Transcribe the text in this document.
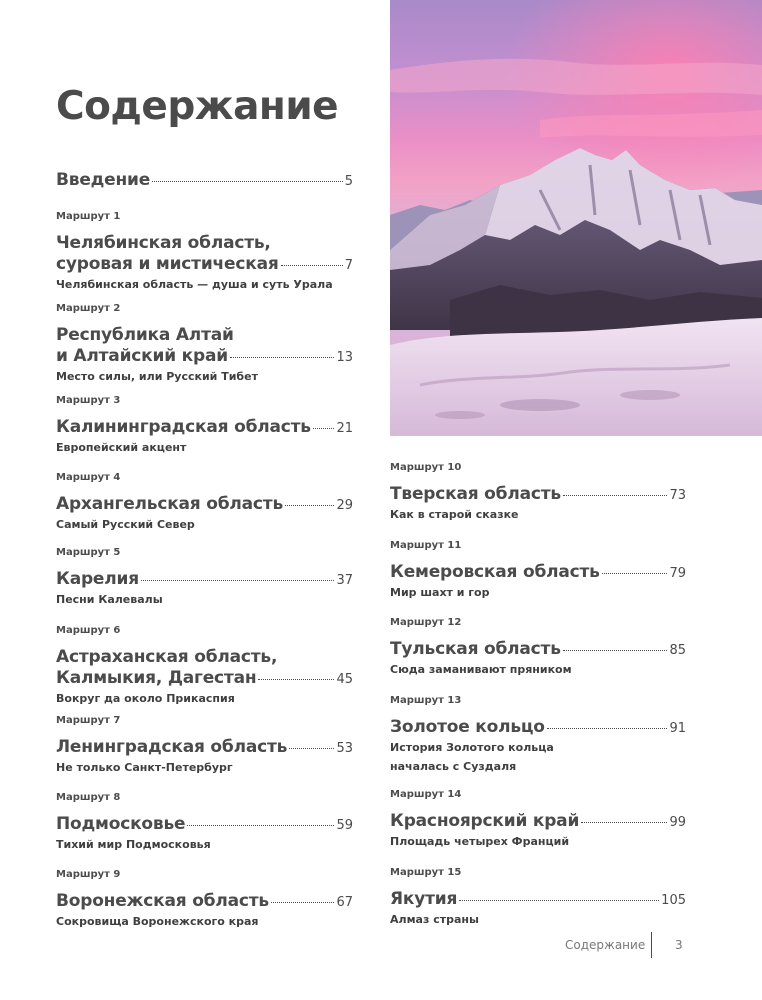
Содержание
Введение	5
Маршрут 1
Челябинская область,
суровая и мистическая	7
Челябинская область — душа и суть Урала
Маршрут 2
Республика Алтай
и Алтайский край	13
Место силы, или Русский Тибет
Маршрут 3
Калининградская область 21
Европейский акцент
Маршрут 4
Архангельская область	29
Самый Русский Север
Маршрут 5
Карелия	37
Песни Калевалы
Маршрут 6
Астраханская область,
Калмыкия, Дагестан	45
Вокруг да около Прикаспия
Маршрут 7
Ленинградская область	53
Не только Санкт-Петербург
Маршрут 8
Подмосковье	59
Тихий мир Подмосковья
Маршрут 9
Воронежская область	67
Сокровища Воронежского края
Маршрут 10
Тверская область	73
Как в старой сказке
Маршрут 11
Кемеровская область	79
Мир шахт и гор
Маршрут 12
Тульская область	85
Сюда заманивают пряником
Маршрут 13
Золотое кольцо	91
История Золотого кольца
началась с Суздаля
Маршрут 14
Красноярский край	99
Площадь четырех Франций
Маршрут 15
Якутия	105
Алмаз страны
Содержание 3
